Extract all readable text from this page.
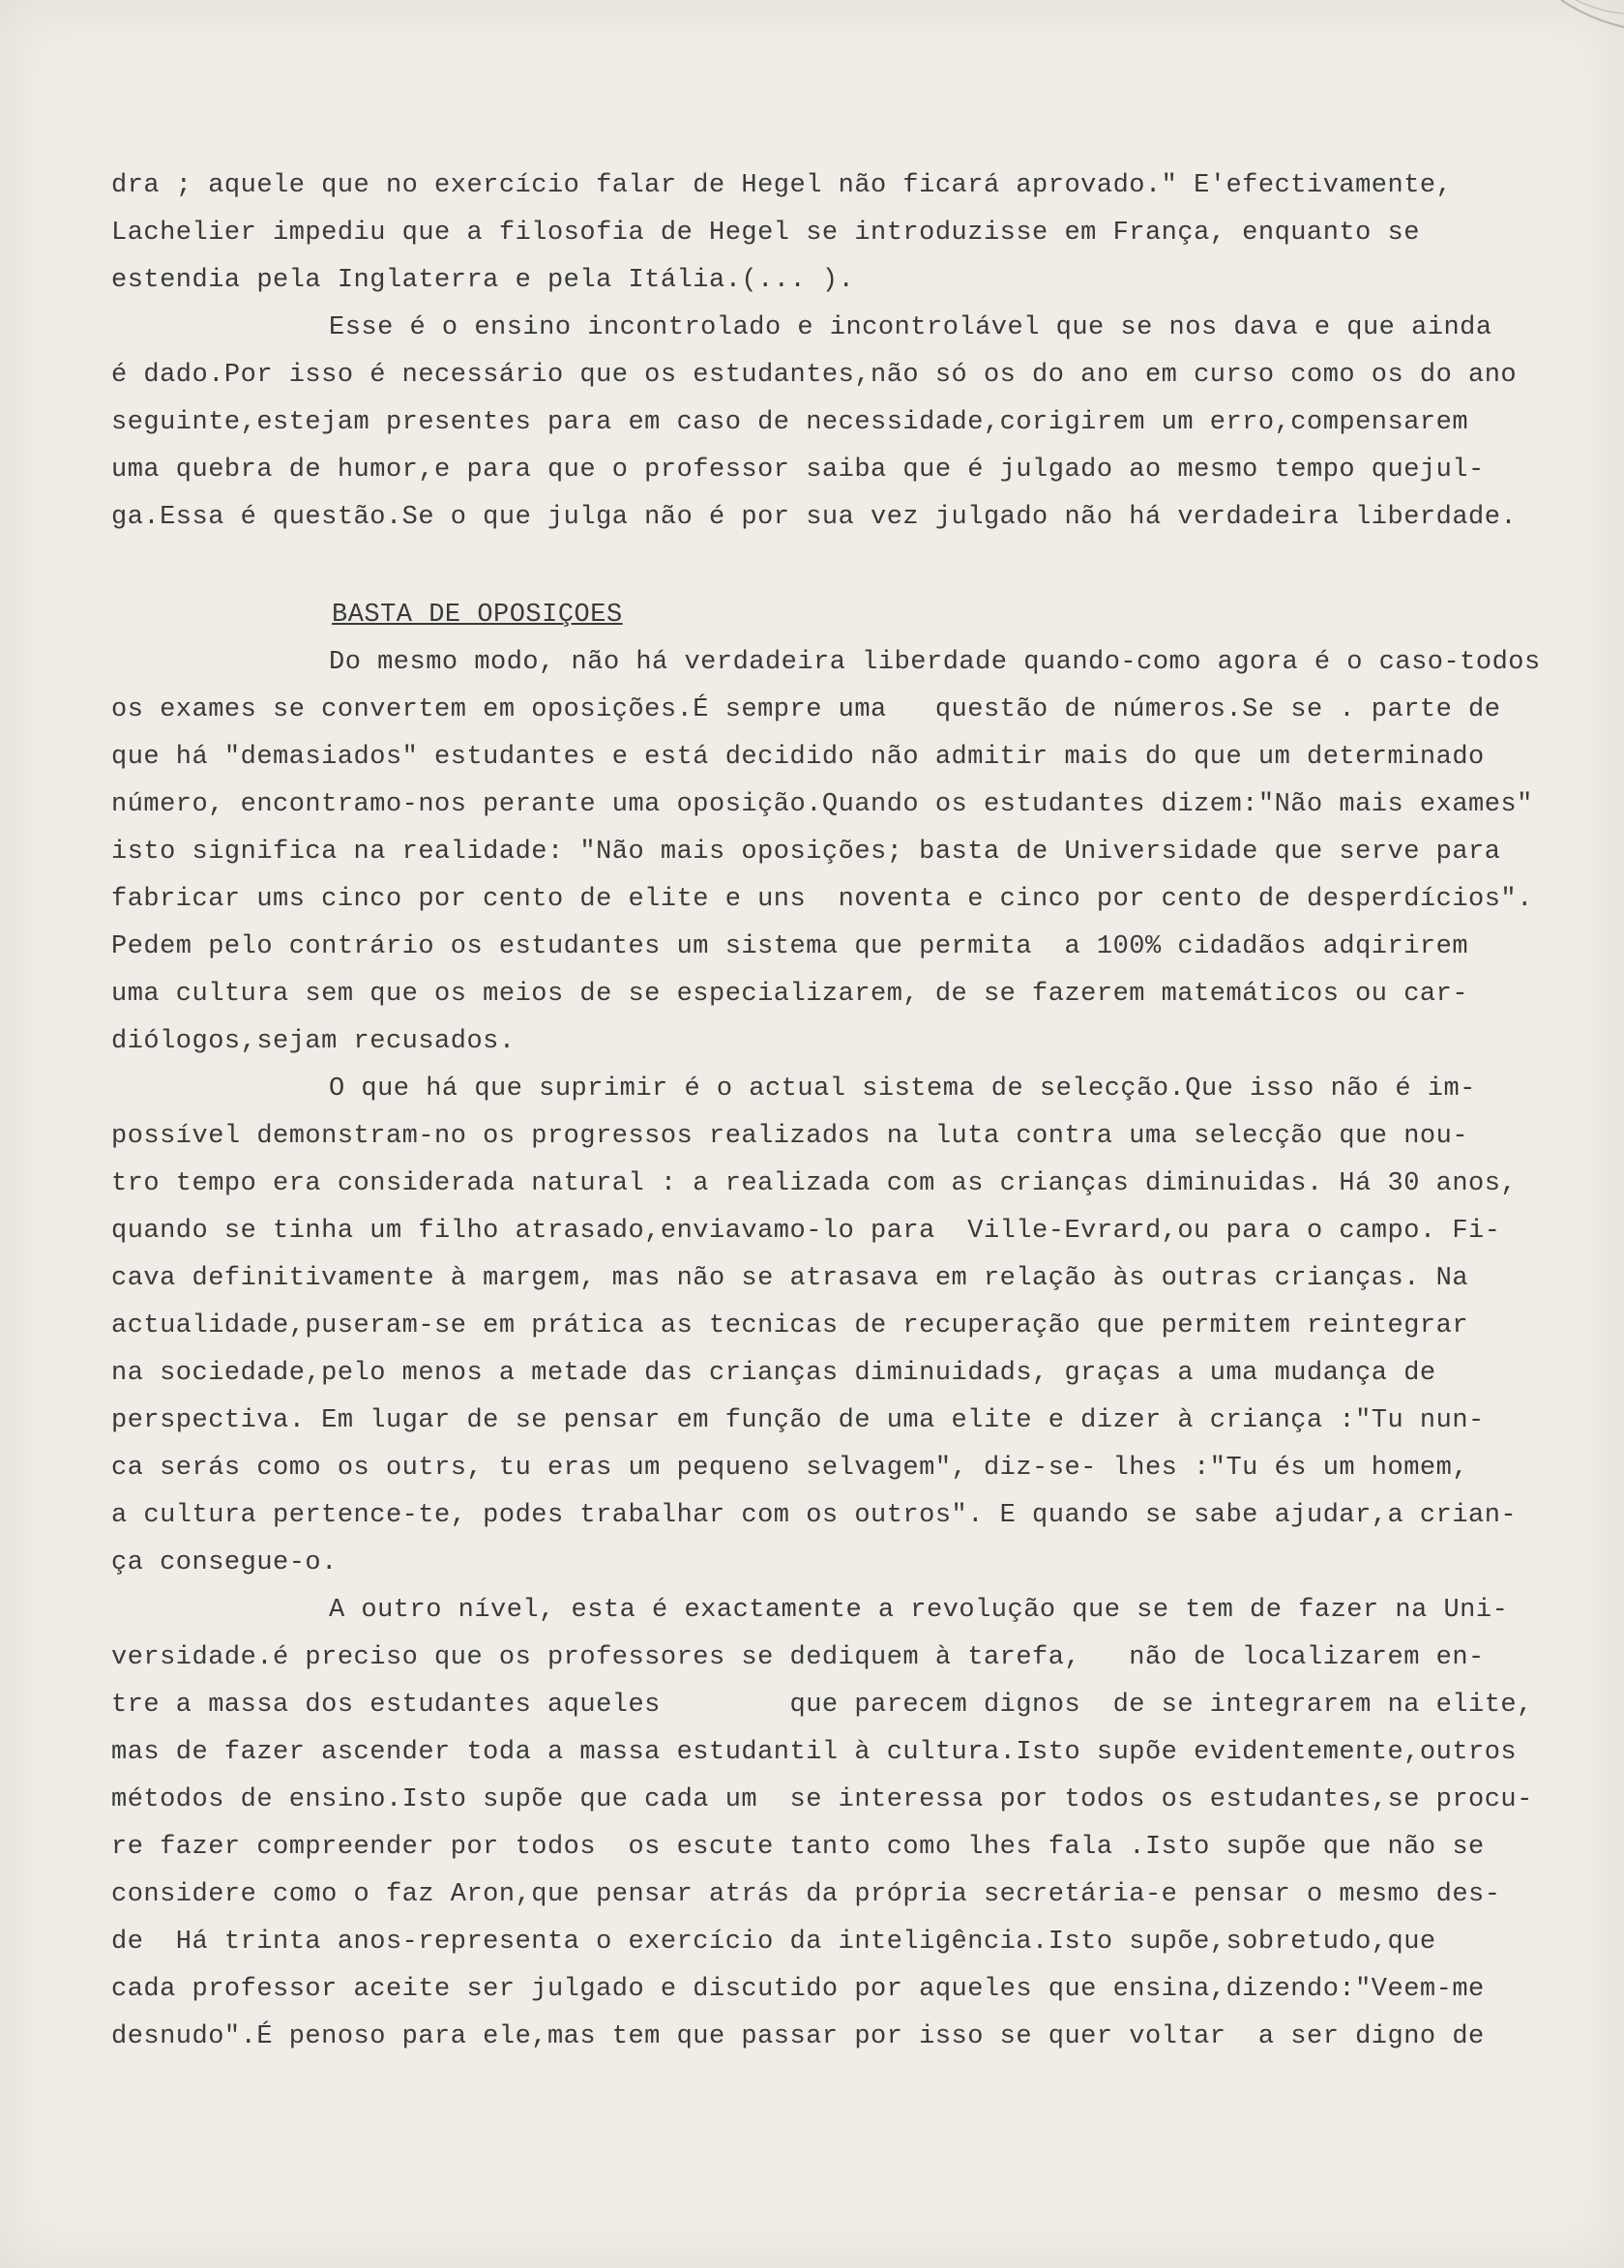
dra ; aquele que no exercício falar de Hegel não ficará aprovado." E'efectivamente,
Lachelier impediu que a filosofia de Hegel se introduzisse em França, enquanto se
estendia pela Inglaterra e pela Itália.(... ).
Esse é o ensino incontrolado e incontrolável que se nos dava e que ainda
é dado.Por isso é necessário que os estudantes,não só os do ano em curso como os do ano
seguinte,estejam presentes para em caso de necessidade,corigirem um erro,compensarem
uma quebra de humor,e para que o professor saiba que é julgado ao mesmo tempo quejul-
ga.Essa é questão.Se o que julga não é por sua vez julgado não há verdadeira liberdade.
BASTA DE OPOSIÇOES
Do mesmo modo, não há verdadeira liberdade quando-como agora é o caso-todos
os exames se convertem em oposições.É sempre uma   questão de números.Se se . parte de
que há "demasiados" estudantes e está decidido não admitir mais do que um determinado
número, encontramo-nos perante uma oposição.Quando os estudantes dizem:"Não mais exames"
isto significa na realidade: "Não mais oposições; basta de Universidade que serve para
fabricar ums cinco por cento de elite e uns  noventa e cinco por cento de desperdícios".
Pedem pelo contrário os estudantes um sistema que permita  a 100% cidadãos adqirirem
uma cultura sem que os meios de se especializarem, de se fazerem matemáticos ou car-
diólogos,sejam recusados.
O que há que suprimir é o actual sistema de selecção.Que isso não é im-
possível demonstram-no os progressos realizados na luta contra uma selecção que nou-
tro tempo era considerada natural : a realizada com as crianças diminuidas. Há 30 anos,
quando se tinha um filho atrasado,enviavamo-lo para  Ville-Evrard,ou para o campo. Fi-
cava definitivamente à margem, mas não se atrasava em relação às outras crianças. Na
actualidade,puseram-se em prática as tecnicas de recuperação que permitem reintegrar
na sociedade,pelo menos a metade das crianças diminuidads, graças a uma mudança de
perspectiva. Em lugar de se pensar em função de uma elite e dizer à criança :"Tu nun-
ca serás como os outrs, tu eras um pequeno selvagem", diz-se- lhes :"Tu és um homem,
a cultura pertence-te, podes trabalhar com os outros". E quando se sabe ajudar,a crian-
ça consegue-o.
A outro nível, esta é exactamente a revolução que se tem de fazer na Uni-
versidade.é preciso que os professores se dediquem à tarefa,   não de localizarem en-
tre a massa dos estudantes aqueles        que parecem dignos  de se integrarem na elite,
mas de fazer ascender toda a massa estudantil à cultura.Isto supõe evidentemente,outros
métodos de ensino.Isto supõe que cada um  se interessa por todos os estudantes,se procu-
re fazer compreender por todos  os escute tanto como lhes fala .Isto supõe que não se
considere como o faz Aron,que pensar atrás da própria secretária-e pensar o mesmo des-
de  Há trinta anos-representa o exercício da inteligência.Isto supõe,sobretudo,que
cada professor aceite ser julgado e discutido por aqueles que ensina,dizendo:"Veem-me
desnudo".É penoso para ele,mas tem que passar por isso se quer voltar  a ser digno de
